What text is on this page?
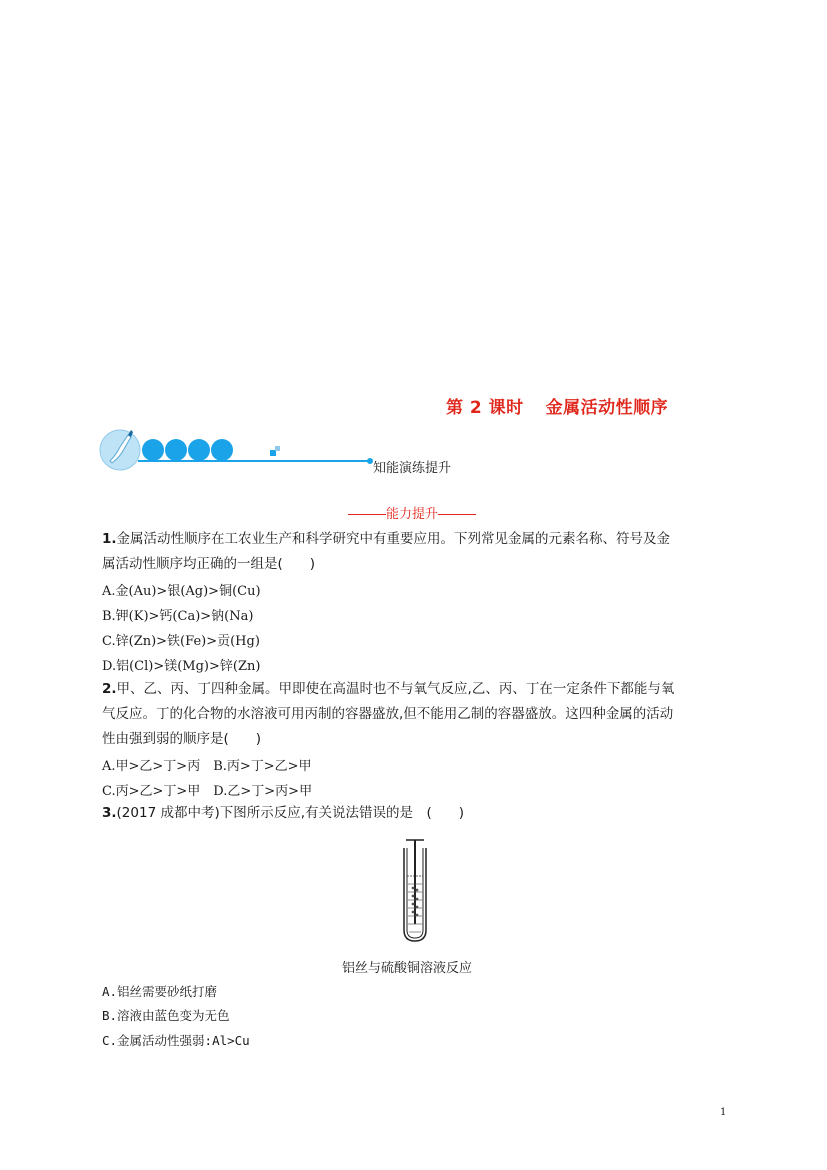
第 2 课时 金属活动性顺序
知能演练提升
能力提升
1.金属活动性顺序在工农业生产和科学研究中有重要应用。下列常见金属的元素名称、符号及金
属活动性顺序均正确的一组是(　　)
A.金(Au)>银(Ag)>铜(Cu)
B.钾(K)>钙(Ca)>钠(Na)
C.锌(Zn)>铁(Fe)>贡(Hg)
D.铝(Cl)>镁(Mg)>锌(Zn)
2.甲、乙、丙、丁四种金属。甲即使在高温时也不与氧气反应,乙、丙、丁在一定条件下都能与氧
气反应。丁的化合物的水溶液可用丙制的容器盛放,但不能用乙制的容器盛放。这四种金属的活动
性由强到弱的顺序是(　　)
A.甲>乙>丁>丙　B.丙>丁>乙>甲
C.丙>乙>丁>甲　D.乙>丁>丙>甲
3.(2017 成都中考)下图所示反应,有关说法错误的是　(　　)
铝丝与硫酸铜溶液反应
A.铝丝需要砂纸打磨
B.溶液由蓝色变为无色
C.金属活动性强弱:Al>Cu
1
